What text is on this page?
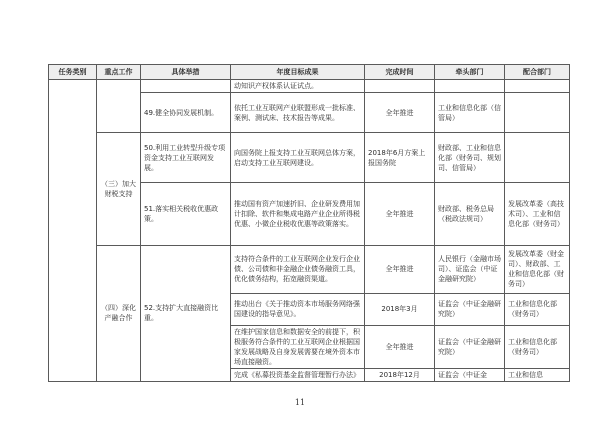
任务类别	重点工作	具体举措	年度目标成果	完成时间	牵头部门	配合部门
			动知识产权体系认证试点。			
		49.健全协同发展机制。	依托工业互联网产业联盟形成一批标准、案例、测试床、技术报告等成果。	全年推进	工业和信息化部（信管局）	
	（三）加大财税支持	50.利用工业转型升级专项资金支持工业互联网发展。	向国务院上报支持工业互联网总体方案，启动支持工业互联网建设。	2018年6月方案上报国务院	财政部、工业和信息化部（财务司、规划司、信管局）	
		51.落实相关税收优惠政策。	推动国有资产加速折旧、企业研发费用加计扣除、软件和集成电路产业企业所得税优惠、小微企业税收优惠等政策落实。	全年推进	财政部、税务总局（税政法规司）	发展改革委（高技术司）、工业和信息化部（财务司）
	（四）深化产融合作	52.支持扩大直接融资比重。	支持符合条件的工业互联网企业发行企业债、公司债和非金融企业债务融资工具，优化债务结构，拓宽融资渠道。	全年推进	人民银行（金融市场司）、证监会（中证金融研究院）	发展改革委（财金司）、财政部、工业和信息化部（财务司）
			推动出台《关于推动资本市场服务网络强国建设的指导意见》。	2018年3月	证监会（中证金融研究院）	工业和信息化部（财务司）
			在维护国家信息和数据安全的前提下，积极服务符合条件的工业互联网企业根据国家发展战略及自身发展需要在境外资本市场直接融资。	全年推进	证监会（中证金融研究院）	工业和信息化部（财务司）
			完成《私募投资基金监督管理暂行办法》	2018年12月	证监会（中证金	工业和信息
11
